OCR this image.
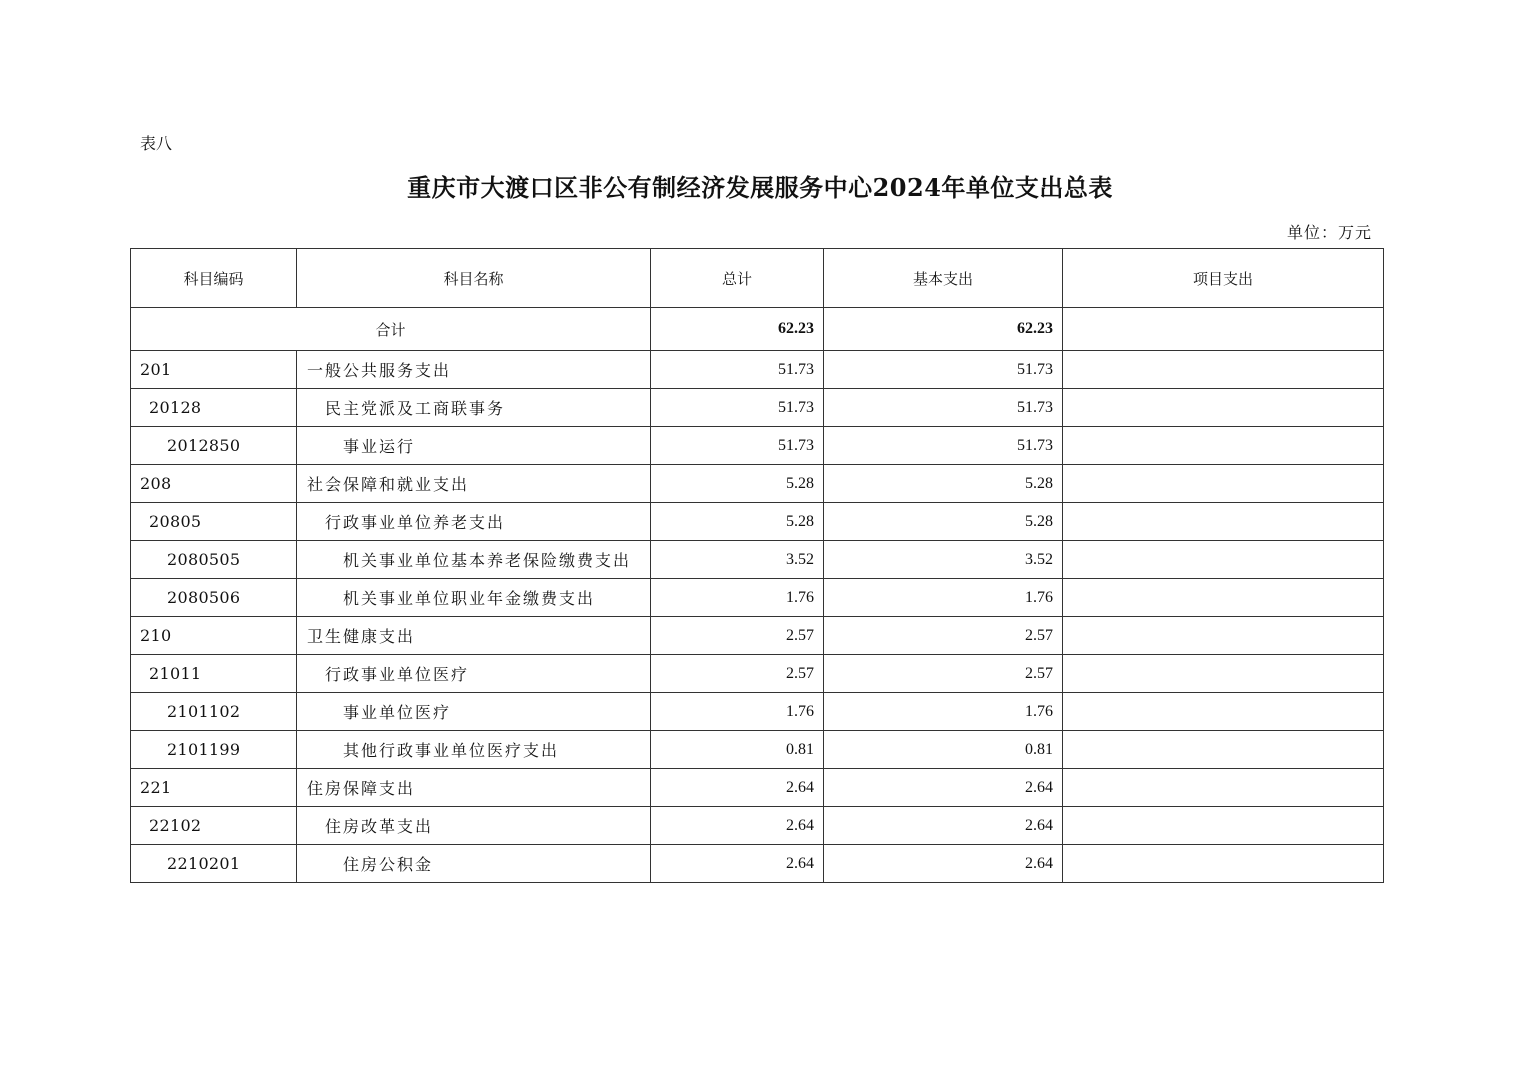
表八
重庆市大渡口区非公有制经济发展服务中心2024年单位支出总表
单位：万元
科目编码	科目名称	总计	基本支出	项目支出
合计		62.23	62.23	
201	一般公共服务支出	51.73	51.73	
20128	民主党派及工商联事务	51.73	51.73	
2012850	事业运行	51.73	51.73	
208	社会保障和就业支出	5.28	5.28	
20805	行政事业单位养老支出	5.28	5.28	
2080505	机关事业单位基本养老保险缴费支出	3.52	3.52	
2080506	机关事业单位职业年金缴费支出	1.76	1.76	
210	卫生健康支出	2.57	2.57	
21011	行政事业单位医疗	2.57	2.57	
2101102	事业单位医疗	1.76	1.76	
2101199	其他行政事业单位医疗支出	0.81	0.81	
221	住房保障支出	2.64	2.64	
22102	住房改革支出	2.64	2.64	
2210201	住房公积金	2.64	2.64	
